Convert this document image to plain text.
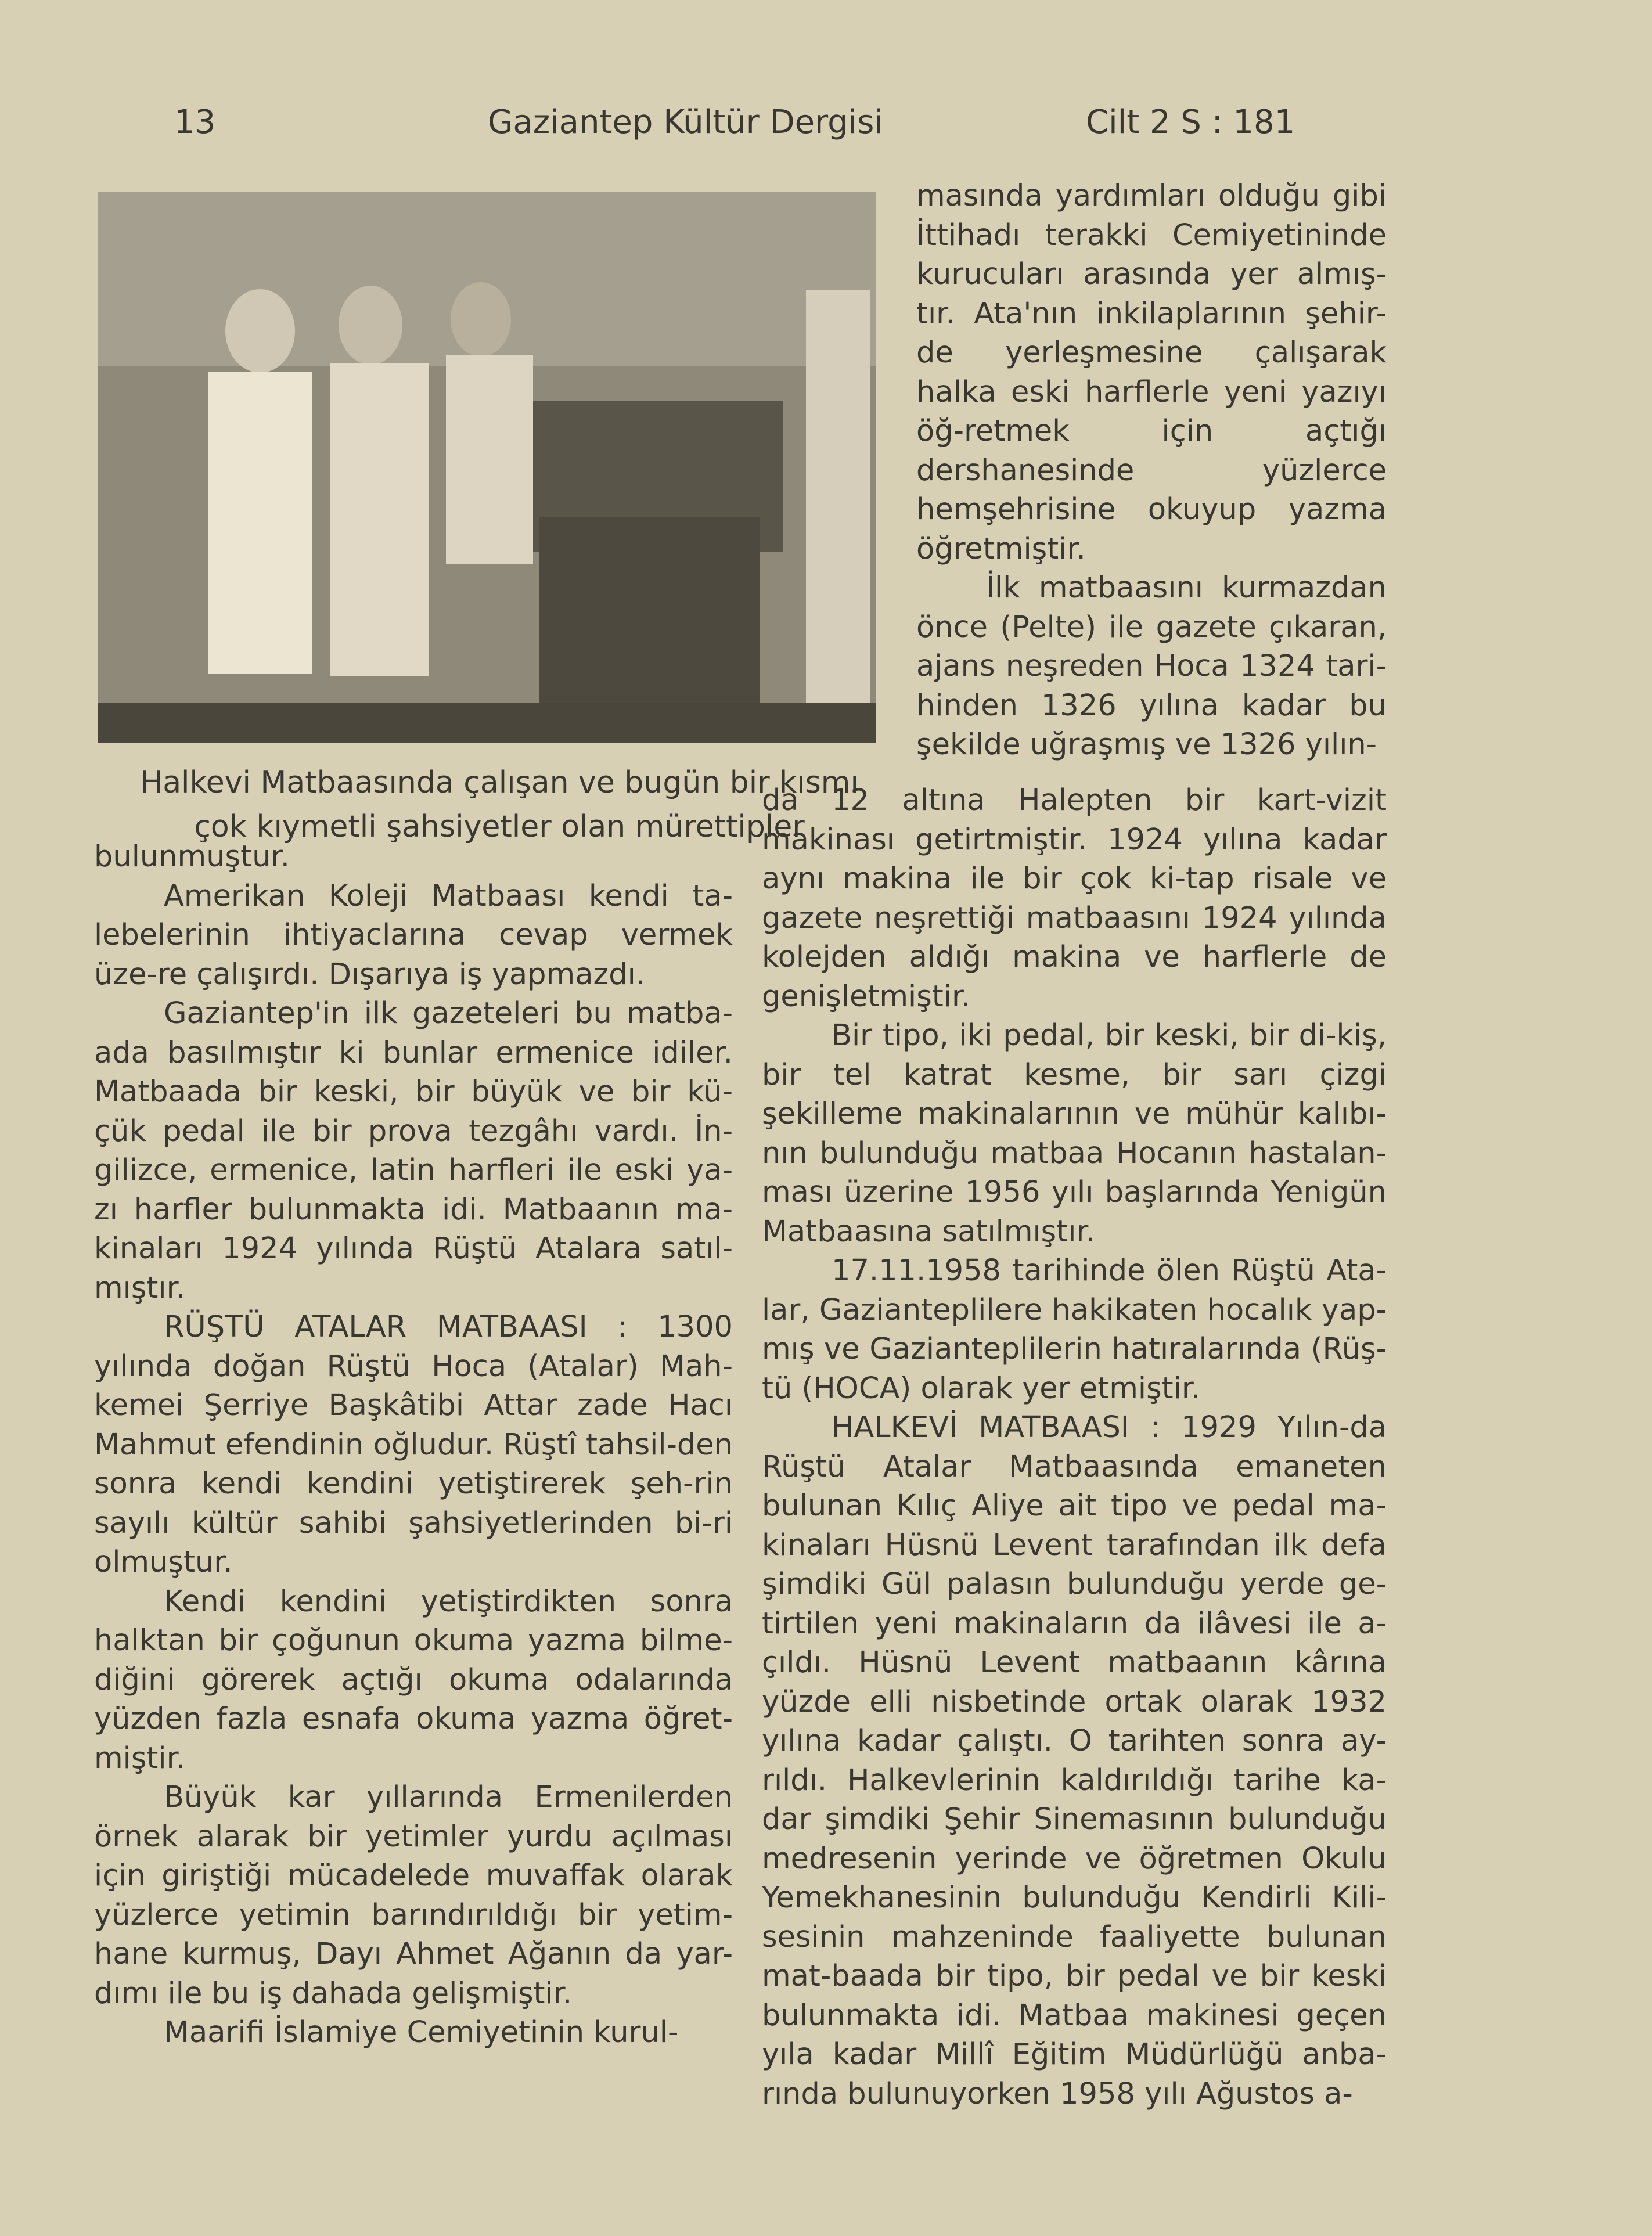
13	Gaziantep Kültür Dergisi	Cilt 2 S : 181

Halkevi Matbaasında çalışan ve bugün bir kısmı

çok kıymetli şahsiyetler olan mürettipler

masında yardımları olduğu gibi İttihadı terakki Cemiyetininde kurucuları arasında yer almış-tır. Ata'nın inkilaplarının şehir-de yerleşmesine çalışarak halka eski harflerle yeni yazıyı öğ-retmek için açtığı dershanesinde yüzlerce hemşehrisine okuyup yazma öğretmiştir.

İlk matbaasını kurmazdan önce (Pelte) ile gazete çıkaran, ajans neşreden Hoca 1324 tari-hinden 1326 yılına kadar bu şekilde uğraşmış ve 1326 yılın-

da 12 altına Halepten bir kart-vizit makinası getirtmiştir. 1924 yılına kadar aynı makina ile bir çok ki-tap risale ve gazete neşrettiği matbaasını 1924 yılında kolejden aldığı makina ve harflerle de genişletmiştir.

Bir tipo, iki pedal, bir keski, bir di-kiş, bir tel katrat kesme, bir sarı çizgi şekilleme makinalarının ve mühür kalıbı-nın bulunduğu matbaa Hocanın hastalan-ması üzerine 1956 yılı başlarında Yenigün Matbaasına satılmıştır.

17.11.1958 tarihinde ölen Rüştü Ata-lar, Gazianteplilere hakikaten hocalık yap-mış ve Gazianteplilerin hatıralarında (Rüş-tü (HOCA) olarak yer etmiştir.

HALKEVİ MATBAASI : 1929 Yılın-da Rüştü Atalar Matbaasında emaneten bulunan Kılıç Aliye ait tipo ve pedal ma-kinaları Hüsnü Levent tarafından ilk defa şimdiki Gül palasın bulunduğu yerde ge-tirtilen yeni makinaların da ilâvesi ile a-çıldı. Hüsnü Levent matbaanın kârına yüzde elli nisbetinde ortak olarak 1932 yılına kadar çalıştı. O tarihten sonra ay-rıldı. Halkevlerinin kaldırıldığı tarihe ka-dar şimdiki Şehir Sinemasının bulunduğu medresenin yerinde ve öğretmen Okulu Yemekhanesinin bulunduğu Kendirli Kili-sesinin mahzeninde faaliyette bulunan mat-baada bir tipo, bir pedal ve bir keski bulunmakta idi. Matbaa makinesi geçen yıla kadar Millî Eğitim Müdürlüğü anba-rında bulunuyorken 1958 yılı Ağustos a-

bulunmuştur.

Amerikan Koleji Matbaası kendi ta-lebelerinin ihtiyaclarına cevap vermek üze-re çalışırdı. Dışarıya iş yapmazdı.

Gaziantep'in ilk gazeteleri bu matba-ada basılmıştır ki bunlar ermenice idiler. Matbaada bir keski, bir büyük ve bir kü-çük pedal ile bir prova tezgâhı vardı. İn-gilizce, ermenice, latin harfleri ile eski ya-zı harfler bulunmakta idi. Matbaanın ma-kinaları 1924 yılında Rüştü Atalara satıl-mıştır.

RÜŞTÜ ATALAR MATBAASI : 1300 yılında doğan Rüştü Hoca (Atalar) Mah-kemei Şerriye Başkâtibi Attar zade Hacı Mahmut efendinin oğludur. Rüştî tahsil-den sonra kendi kendini yetiştirerek şeh-rin sayılı kültür sahibi şahsiyetlerinden bi-ri olmuştur.

Kendi kendini yetiştirdikten sonra halktan bir çoğunun okuma yazma bilme-diğini görerek açtığı okuma odalarında yüzden fazla esnafa okuma yazma öğret-miştir.

Büyük kar yıllarında Ermenilerden örnek alarak bir yetimler yurdu açılması için giriştiği mücadelede muvaffak olarak yüzlerce yetimin barındırıldığı bir yetim-hane kurmuş, Dayı Ahmet Ağanın da yar-dımı ile bu iş dahada gelişmiştir.

Maarifi İslamiye Cemiyetinin kurul-
